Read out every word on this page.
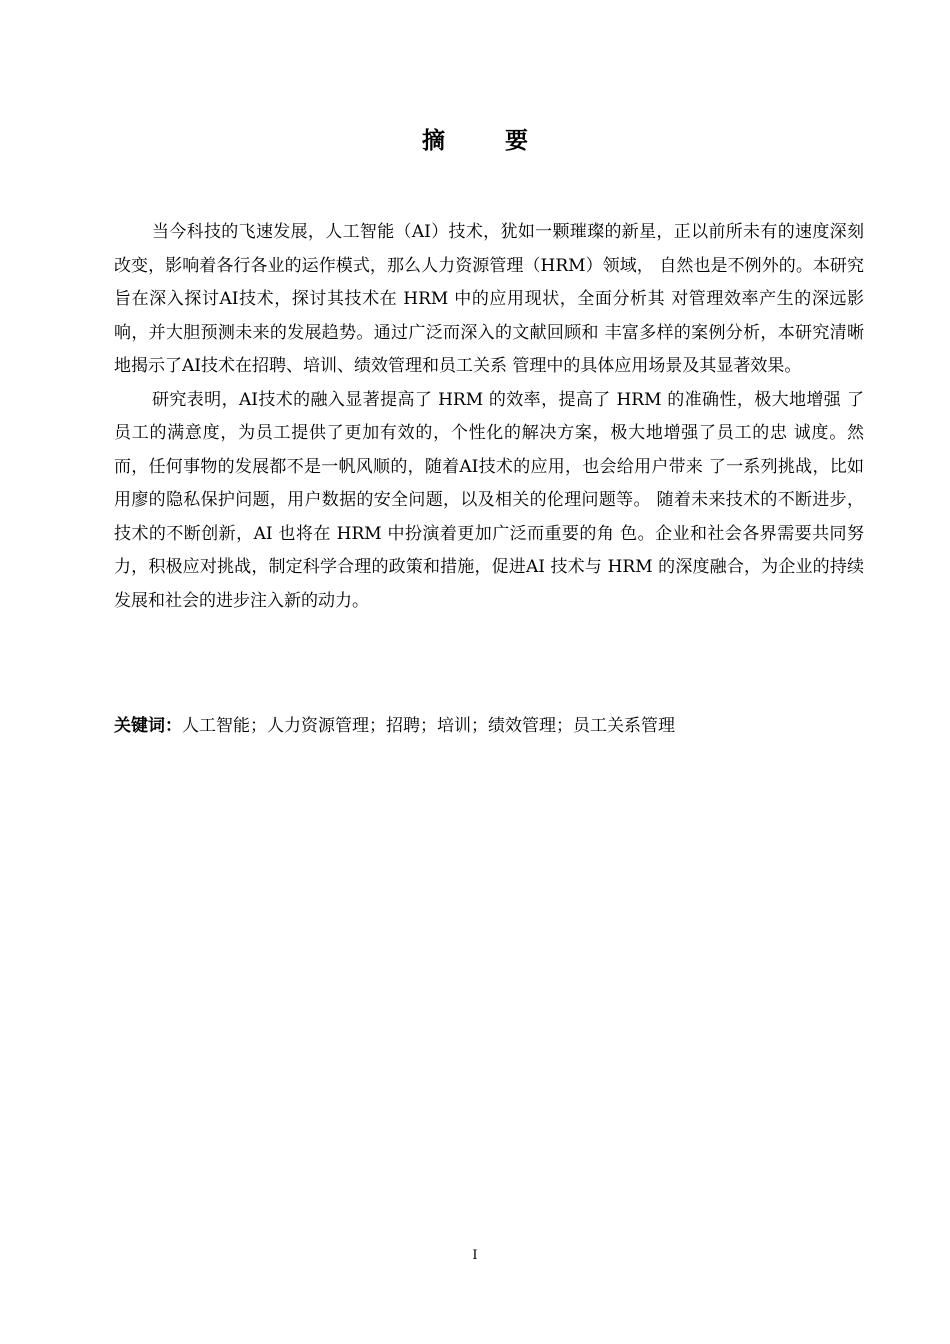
摘 要

当今科技的飞速发展，人工智能（AI）技术，犹如一颗璀璨的新星，正以前所未有的速度深刻改变，影响着各行各业的运作模式，那么人力资源管理（HRM）领域， 自然也是不例外的。本研究旨在深入探讨AI技术，探讨其技术在 HRM 中的应用现状，全面分析其 对管理效率产生的深远影响，并大胆预测未来的发展趋势。通过广泛而深入的文献回顾和 丰富多样的案例分析，本研究清晰地揭示了AI技术在招聘、培训、绩效管理和员工关系 管理中的具体应用场景及其显著效果。

研究表明，AI技术的融入显著提高了 HRM 的效率，提高了 HRM 的准确性，极大地增强 了员工的满意度，为员工提供了更加有效的，个性化的解决方案，极大地增强了员工的忠 诚度。然而，任何事物的发展都不是一帆风顺的，随着AI技术的应用，也会给用户带来 了一系列挑战，比如用廖的隐私保护问题，用户数据的安全问题，以及相关的伦理问题等。 随着未来技术的不断进步，技术的不断创新，AI 也将在 HRM 中扮演着更加广泛而重要的角 色。企业和社会各界需要共同努力，积极应对挑战，制定科学合理的政策和措施，促进AI 技术与 HRM 的深度融合，为企业的持续发展和社会的进步注入新的动力。

关键词：人工智能；人力资源管理；招聘；培训；绩效管理；员工关系管理
I
